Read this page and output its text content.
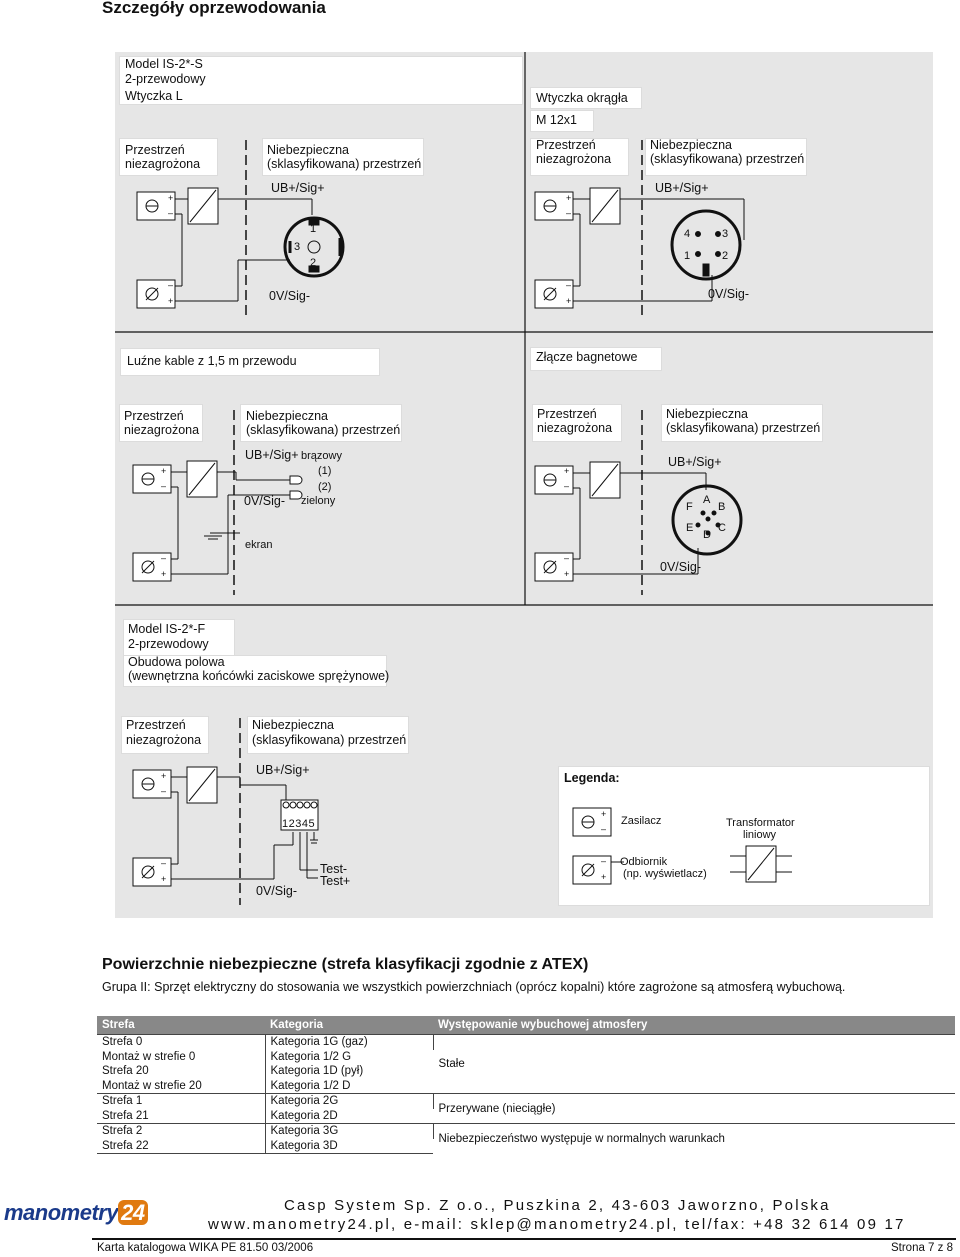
Szczegóły oprzewodowania
+
–
–
+
+
–
–
+
+
–
–
+
+
–
–
+
+
–
–
+
+
–
–
+
Model IS-2*-S
2-przewodowy
Wtyczka L	Wtyczka okrągła
M 12x1
Przestrzeń
niezagrożona
Niebezpieczna
(sklasyfikowana) przestrzeń
Przestrzeń
niezagrożona
Niebezpieczna
(sklasyfikowana) przestrzeń
UB+/Sig+
0V/Sig-
UB+/Sig+
0V/Sig-
1
2
3
4	3
1	2
Luźne kable z 1,5 m przewodu	Złącze bagnetowe
Przestrzeń
niezagrożona
Niebezpieczna
(sklasyfikowana) przestrzeń
Przestrzeń
niezagrożona
Niebezpieczna
(sklasyfikowana) przestrzeń
UB+/Sig+ brązowy
(1)
(2)
0V/Sig- zielony
ekran
UB+/Sig+
0V/Sig-
A
B
C
D
E
F
Model IS-2*-F
2-przewodowy
Obudowa polowa
(wewnętrzna końcówki zaciskowe sprężynowe)
Przestrzeń
niezagrożona
Niebezpieczna
(sklasyfikowana) przestrzeń
UB+/Sig+
12345
0V/Sig-
Test-
Test+
Legenda:
Zasilacz	Transformator
liniowy
Odbiornik
(np. wyświetlacz)
Powierzchnie niebezpieczne (strefa klasyfikacji zgodnie z ATEX)
Grupa II: Sprzęt elektryczny do stosowania we wszystkich powierzchniach (oprócz kopalni) które zagrożone są atmosferą wybuchową.
Strefa	Kategoria	Występowanie wybuchowej atmosfery
Strefa 0	Kategoria 1G (gaz)	Stałe
Montaż w strefie 0	Kategoria 1/2 G	
Strefa 20	Kategoria 1D (pył)	
Montaż w strefie 20	Kategoria 1/2 D	
Strefa 1	Kategoria 2G	Przerywane (nieciągłe)
Strefa 21	Kategoria 2D	
Strefa 2	Kategoria 3G	Niebezpieczeństwo występuje w normalnych warunkach
Strefa 22	Kategoria 3D	
manometry 24	Casp System Sp. Z o.o., Puszkina 2, 43-603 Jaworzno, Polska
www.manometry24.pl, e-mail: sklep@manometry24.pl, tel/fax: +48 32 614 09 17
Karta katalogowa WIKA PE 81.50 03/2006	Strona 7 z 8
